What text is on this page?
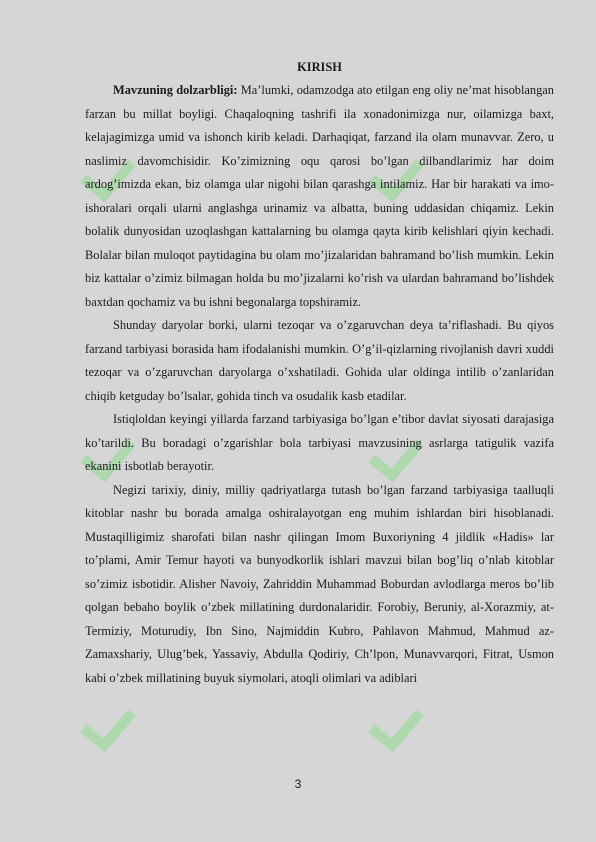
KIRISH

Mavzuning dolzarbligi: Ma’lumki, odamzodga ato etilgan eng oliy ne’mat hisoblangan farzan bu millat boyligi. Chaqaloqning tashrifi ila xonadonimizga nur, oilamizga baxt, kelajagimizga umid va ishonch kirib keladi. Darhaqiqat, farzand ila olam munavvar. Zero, u naslimiz davomchisidir. Ko’zimizning oqu qarosi bo’lgan dilbandlarimiz har doim ardog’imizda ekan, biz olamga ular nigohi bilan qarashga intilamiz. Har bir harakati va imo-ishoralari orqali ularni anglashga urinamiz va albatta, buning uddasidan chiqamiz. Lekin bolalik dunyosidan uzoqlashgan kattalarning bu olamga qayta kirib kelishlari qiyin kechadi. Bolalar bilan muloqot paytidagina bu olam mo’jizalaridan bahramand bo’lish mumkin. Lekin biz kattalar o’zimiz bilmagan holda bu mo’jizalarni ko’rish va ulardan bahramand bo’lishdek baxtdan qochamiz va bu ishni begonalarga topshiramiz.

Shunday daryolar borki, ularni tezoqar va o’zgaruvchan deya ta’riflashadi. Bu qiyos farzand tarbiyasi borasida ham ifodalanishi mumkin. O’g’il-qizlarning rivojlanish davri xuddi tezoqar va o’zgaruvchan daryolarga o’xshatiladi. Gohida ular oldinga intilib o’zanlaridan chiqib ketguday bo’lsalar, gohida tinch va osudalik kasb etadilar.

Istiqloldan keyingi yillarda farzand tarbiyasiga bo’lgan e’tibor davlat siyosati darajasiga ko’tarildi. Bu boradagi o’zgarishlar bola tarbiyasi mavzusining asrlarga tatigulik vazifa ekanini isbotlab berayotir.

Negizi tarixiy, diniy, milliy qadriyatlarga tutash bo’lgan farzand tarbiyasiga taalluqli kitoblar nashr bu borada amalga oshiralayotgan eng muhim ishlardan biri hisoblanadi. Mustaqilligimiz sharofati bilan nashr qilingan Imom Buxoriyning 4 jildlik «Hadis» lar to’plami, Amir Temur hayoti va bunyodkorlik ishlari mavzui bilan bog’liq o’nlab kitoblar so’zimiz isbotidir. Alisher Navoiy, Zahriddin Muhammad Boburdan avlodlarga meros bo’lib qolgan bebaho boylik o’zbek millatining durdonalaridir. Forobiy, Beruniy, al-Xorazmiy, at-Termiziy, Moturudiy, Ibn Sino, Najmiddin Kubro, Pahlavon Mahmud, Mahmud az-Zamaxshariy, Ulug’bek, Yassaviy, Abdulla Qodiriy, Ch’lpon, Munavvarqori, Fitrat, Usmon kabi o’zbek millatining buyuk siymolari, atoqli olimlari va adiblari

3
